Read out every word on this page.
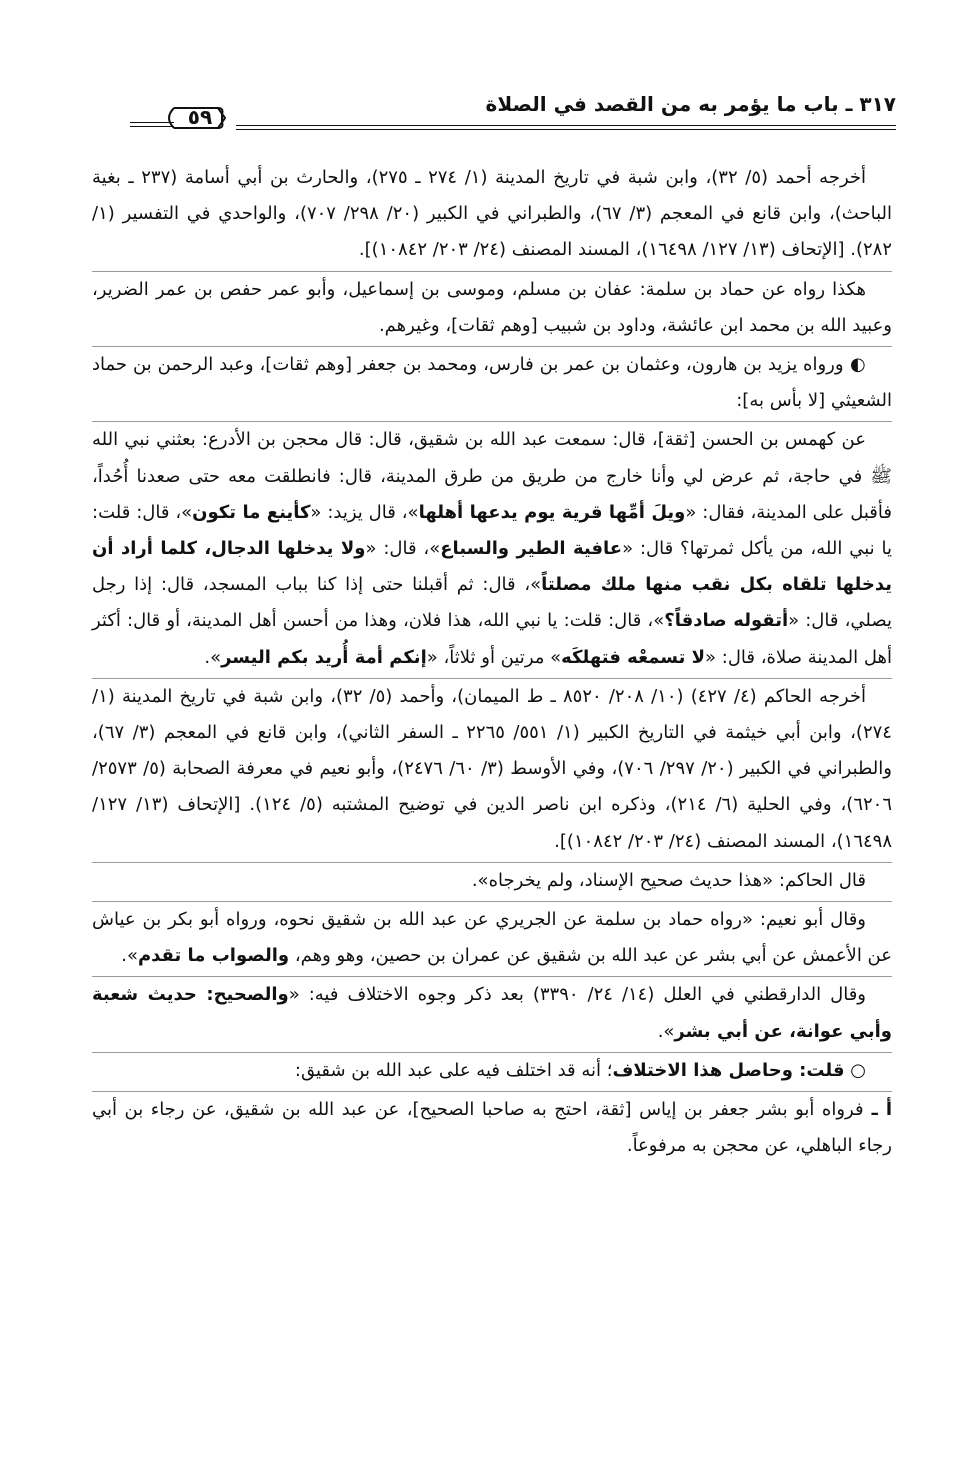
٣١٧ ـ باب ما يؤمر به من القصد في الصلاة
٥٩

أخرجه أحمد (٥/ ٣٢)، وابن شبة في تاريخ المدينة (١/ ٢٧٤ ـ ٢٧٥)، والحارث بن أبي أسامة (٢٣٧ ـ بغية الباحث)، وابن قانع في المعجم (٣/ ٦٧)، والطبراني في الكبير (٢٠/ ٢٩٨/ ٧٠٧)، والواحدي في التفسير (١/ ٢٨٢). [الإتحاف (١٣/ ١٢٧/ ١٦٤٩٨)، المسند المصنف (٢٤/ ٢٠٣/ ١٠٨٤٢)].

هكذا رواه عن حماد بن سلمة: عفان بن مسلم، وموسى بن إسماعيل، وأبو عمر حفص بن عمر الضرير، وعبيد الله بن محمد ابن عائشة، وداود بن شبيب [وهم ثقات]، وغيرهم.

◐ ورواه يزيد بن هارون، وعثمان بن عمر بن فارس، ومحمد بن جعفر [وهم ثقات]، وعبد الرحمن بن حماد الشعيثي [لا بأس به]:

عن كهمس بن الحسن [ثقة]، قال: سمعت عبد الله بن شقيق، قال: قال محجن بن الأدرع: بعثني نبي الله ﷺ في حاجة، ثم عرض لي وأنا خارج من طريق من طرق المدينة، قال: فانطلقت معه حتى صعدنا أُحُداً، فأقبل على المدينة، فقال: «ويلَ أمِّها قرية يوم يدعها أهلها»، قال يزيد: «كأينع ما تكون»، قال: قلت: يا نبي الله، من يأكل ثمرتها؟ قال: «عافية الطير والسباع»، قال: «ولا يدخلها الدجال، كلما أراد أن يدخلها تلقاه بكل نقب منها ملك مصلتاً»، قال: ثم أقبلنا حتى إذا كنا بباب المسجد، قال: إذا رجل يصلي، قال: «أتقوله صادقاً؟»، قال: قلت: يا نبي الله، هذا فلان، وهذا من أحسن أهل المدينة، أو قال: أكثر أهل المدينة صلاة، قال: «لا تسمعْه فتهلكَه» مرتين أو ثلاثاً، «إنكم أمة أُريد بكم اليسر».

أخرجه الحاكم (٤/ ٤٢٧) (١٠/ ٢٠٨/ ٨٥٢٠ ـ ط الميمان)، وأحمد (٥/ ٣٢)، وابن شبة في تاريخ المدينة (١/ ٢٧٤)، وابن أبي خيثمة في التاريخ الكبير (١/ ٥٥١/ ٢٢٦٥ ـ السفر الثاني)، وابن قانع في المعجم (٣/ ٦٧)، والطبراني في الكبير (٢٠/ ٢٩٧/ ٧٠٦)، وفي الأوسط (٣/ ٦٠/ ٢٤٧٦)، وأبو نعيم في معرفة الصحابة (٥/ ٢٥٧٣/ ٦٢٠٦)، وفي الحلية (٦/ ٢١٤)، وذكره ابن ناصر الدين في توضيح المشتبه (٥/ ١٢٤). [الإتحاف (١٣/ ١٢٧/ ١٦٤٩٨)، المسند المصنف (٢٤/ ٢٠٣/ ١٠٨٤٢)].

قال الحاكم: «هذا حديث صحيح الإسناد، ولم يخرجاه».

وقال أبو نعيم: «رواه حماد بن سلمة عن الجريري عن عبد الله بن شقيق نحوه، ورواه أبو بكر بن عياش عن الأعمش عن أبي بشر عن عبد الله بن شقيق عن عمران بن حصين، وهو وهم، والصواب ما تقدم».

وقال الدارقطني في العلل (١٤/ ٢٤/ ٣٣٩٠) بعد ذكر وجوه الاختلاف فيه: «والصحيح: حديث شعبة وأبي عوانة، عن أبي بشر».

○ قلت: وحاصل هذا الاختلاف؛ أنه قد اختلف فيه على عبد الله بن شقيق:

أ ـ فرواه أبو بشر جعفر بن إياس [ثقة، احتج به صاحبا الصحيح]، عن عبد الله بن شقيق، عن رجاء بن أبي رجاء الباهلي، عن محجن به مرفوعاً.
